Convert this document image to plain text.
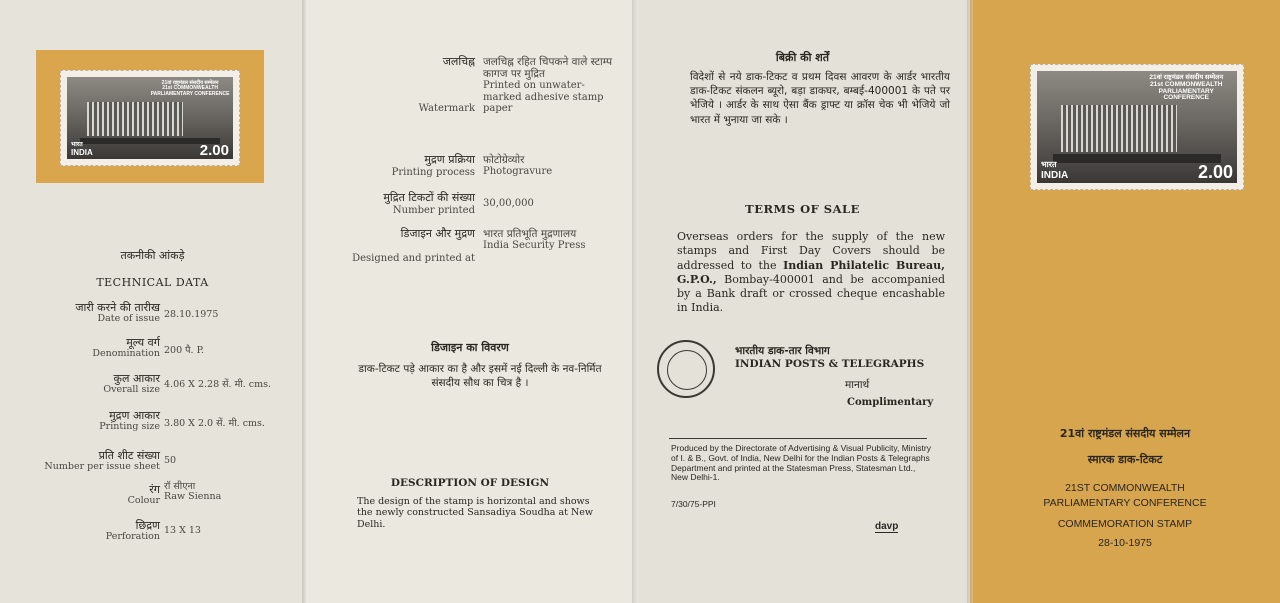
21वां राष्ट्रमंडल संसदीय सम्मेलन
21st COMMONWEALTH PARLIAMENTARY CONFERENCE
भारत
INDIA	2.00
तकनीकी आंकड़े
TECHNICAL DATA
जारी करने की तारीख
Date of issue 28.10.1975
मूल्य वर्ग
Denomination 200 पै. P.
कुल आकार
Overall size 4.06 X 2.28 सें. मी. cms.
मुद्रण आकार
Printing size 3.80 X 2.0 सें. मी. cms.
प्रति शीट संख्या
Number per issue sheet
50
रंग
Colour
रॉ सीएना
Raw Sienna
छिद्रण
Perforation
13 X 13
जलचिह्न
Watermark
जलचिह्न रहित चिपकने वाले स्टाम्प कागज पर मुद्रित
Printed on unwater-marked adhesive stamp paper
मुद्रण प्रक्रिया
Printing process
फोटोग्रेव्योर
Photogravure
मुद्रित टिकटों की संख्या
Number printed
30,00,000
डिजाइन और मुद्रण
Designed and printed at
भारत प्रतिभूति मुद्रणालय
India Security Press
डिजाइन का विवरण
डाक-टिकट पड़े आकार का है और इसमें नई दिल्ली के नव-निर्मित संसदीय सौध का चित्र है ।
DESCRIPTION OF DESIGN
The design of the stamp is horizontal and shows the newly constructed Sansadiya Soudha at New Delhi.
बिक्री की शर्तें
विदेशों से नये डाक-टिकट व प्रथम दिवस आवरण के आर्डर भारतीय डाक-टिकट संकलन ब्यूरो, बड़ा डाकघर, बम्बई-400001 के पते पर भेजिये । आर्डर के साथ ऐसा बैंक ड्राफ्ट या क्रॉस चेक भी भेजिये जो भारत में भुनाया जा सके ।
TERMS OF SALE
Overseas orders for the supply of the new stamps and First Day Covers should be addressed to the Indian Philatelic Bureau, G.P.O., Bombay-400001 and be accompanied by a Bank draft or crossed cheque encashable in India.
भारतीय डाक-तार विभाग
INDIAN POSTS & TELEGRAPHS
मानार्थ
Complimentary
Produced by the Directorate of Advertising & Visual Publicity, Ministry of I. & B., Govt. of India, New Delhi for the Indian Posts & Telegraphs Department and printed at the Statesman Press, Statesman Ltd., New Delhi-1.
7/30/75-PPI
davp
21वां राष्ट्रमंडल संसदीय सम्मेलन
21st COMMONWEALTH PARLIAMENTARY CONFERENCE
भारत
INDIA	2.00
21वां राष्ट्रमंडल संसदीय सम्मेलन
स्मारक डाक-टिकट
21ST COMMONWEALTH
PARLIAMENTARY CONFERENCE
COMMEMORATION STAMP
28-10-1975
